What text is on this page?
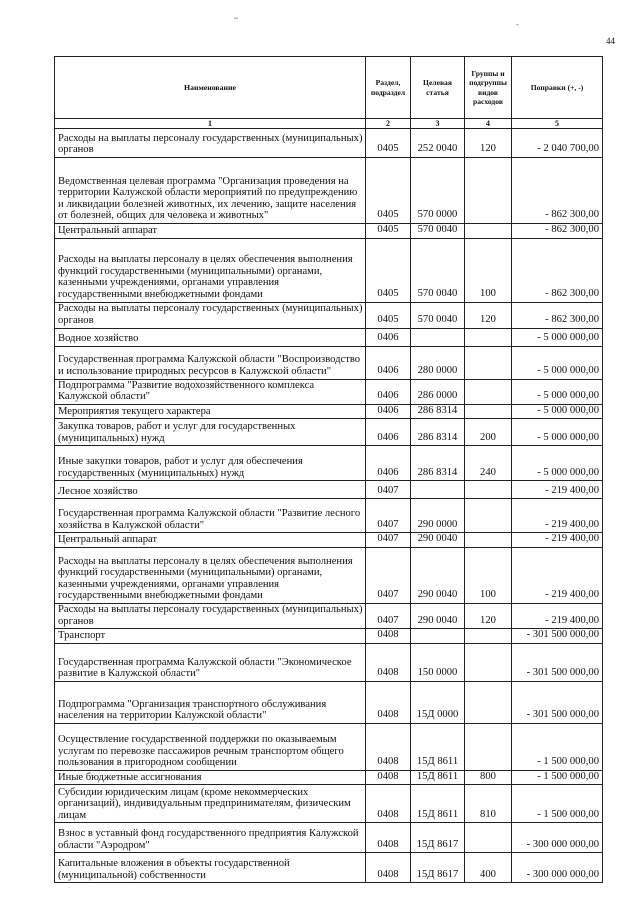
44
~
-
Наименование	Раздел, подраздел	Целевая статья	Группы и подгруппы видов расходов	Поправки (+, -)
1	2	3	4	5
Расходы на выплаты персоналу государственных (муниципальных) органов	0405	252 0040	120	- 2 040 700,00
Ведомственная целевая программа "Организация проведения на территории Калужской области мероприятий по предупреждению и ликвидации болезней животных, их лечению, защите населения от болезней, общих для человека и животных"	0405	570 0000		- 862 300,00
Центральный аппарат	0405	570 0040		- 862 300,00
Расходы на выплаты персоналу в целях обеспечения выполнения функций государственными (муниципальными) органами, казенными учреждениями, органами управления государственными внебюджетными фондами	0405	570 0040	100	- 862 300,00
Расходы на выплаты персоналу государственных (муниципальных) органов	0405	570 0040	120	- 862 300,00
Водное хозяйство	0406			- 5 000 000,00
Государственная программа Калужской области "Воспроизводство и использование природных ресурсов в Калужской области"	0406	280 0000		- 5 000 000,00
Подпрограмма "Развитие водохозяйственного комплекса Калужской области"	0406	286 0000		- 5 000 000,00
Мероприятия текущего характера	0406	286 8314		- 5 000 000,00
Закупка товаров, работ и услуг для государственных (муниципальных) нужд	0406	286 8314	200	- 5 000 000,00
Иные закупки товаров, работ и услуг для обеспечения государственных (муниципальных) нужд	0406	286 8314	240	- 5 000 000,00
Лесное хозяйство	0407			- 219 400,00
Государственная программа Калужской области "Развитие лесного хозяйства в Калужской области"	0407	290 0000		- 219 400,00
Центральный аппарат	0407	290 0040		- 219 400,00
Расходы на выплаты персоналу в целях обеспечения выполнения функций государственными (муниципальными) органами, казенными учреждениями, органами управления государственными внебюджетными фондами	0407	290 0040	100	- 219 400,00
Расходы на выплаты персоналу государственных (муниципальных) органов	0407	290 0040	120	- 219 400,00
Транспорт	0408			- 301 500 000,00
Государственная программа Калужской области "Экономическое развитие в Калужской области"	0408	150 0000		- 301 500 000,00
Подпрограмма "Организация транспортного обслуживания населения на территории Калужской области"	0408	15Д 0000		- 301 500 000,00
Осуществление государственной поддержки по оказываемым услугам по перевозке пассажиров речным транспортом общего пользования в пригородном сообщении	0408	15Д 8611		- 1 500 000,00
Иные бюджетные ассигнования	0408	15Д 8611	800	- 1 500 000,00
Субсидии юридическим лицам (кроме некоммерческих организаций), индивидуальным предпринимателям, физическим лицам	0408	15Д 8611	810	- 1 500 000,00
Взнос в уставный фонд государственного предприятия Калужской области "Аэродром"	0408	15Д 8617		- 300 000 000,00
Капитальные вложения в объекты государственной (муниципальной) собственности	0408	15Д 8617	400	- 300 000 000,00
